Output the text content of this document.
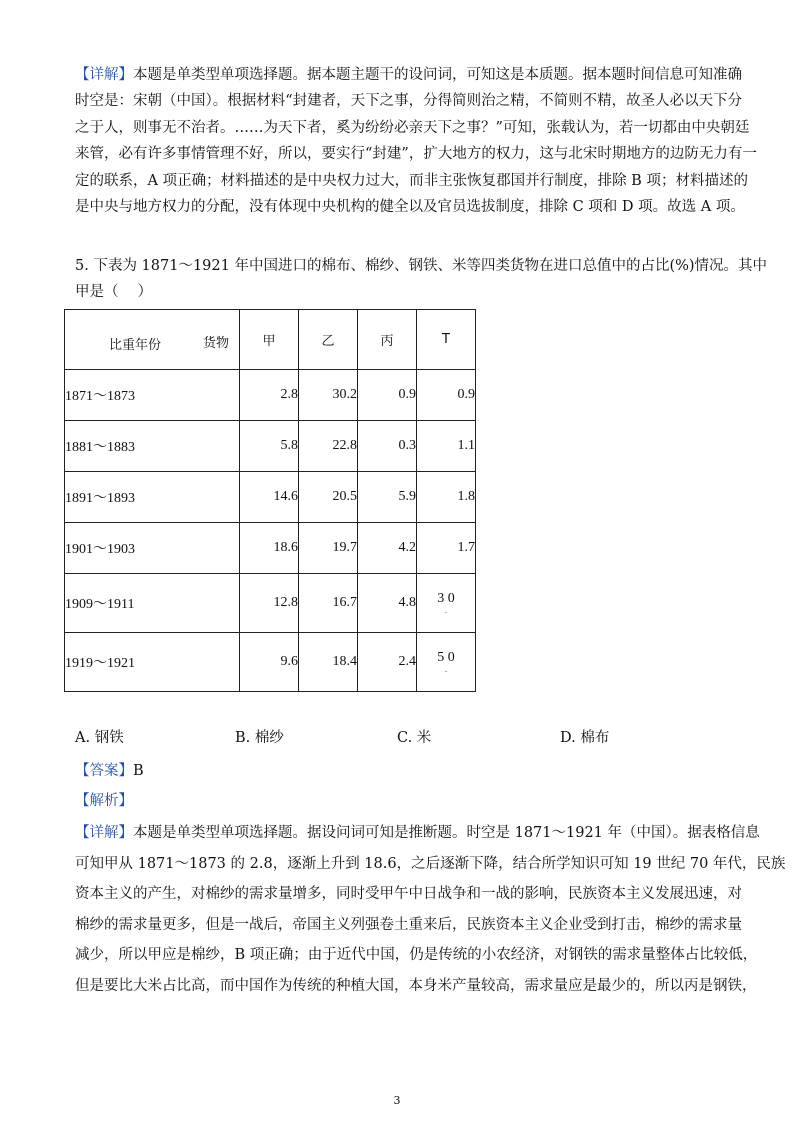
【详解】本题是单类型单项选择题。据本题主题干的设问词，可知这是本质题。据本题时间信息可知准确
时空是：宋朝（中国）。根据材料“封建者，天下之事，分得简则治之精，不简则不精，故圣人必以天下分
之于人，则事无不治者。……为天下者，奚为纷纷必亲天下之事？”可知，张载认为，若一切都由中央朝廷
来管，必有许多事情管理不好，所以，要实行“封建”，扩大地方的权力，这与北宋时期地方的边防无力有一
定的联系，A 项正确；材料描述的是中央权力过大，而非主张恢复郡国并行制度，排除 B 项；材料描述的
是中央与地方权力的分配，没有体现中央机构的健全以及官员选拔制度，排除 C 项和 D 项。故选 A 项。
5. 下表为 1871～1921 年中国进口的棉布、棉纱、钢铁、米等四类货物在进口总值中的占比(%)情况。其中
甲是（　 ）
比重年份 货物	甲	乙	丙	T
1871～1873	2.8	30.2	0.9	0.9
1881～1883	5.8	22.8	0.3	1.1
1891～1893	14.6	20.5	5.9	1.8
1901～1903	18.6	19.7	4.2	1.7
1909～1911	12.8	16.7	4.8	3 0
.

1919～1921	9.6	18.4	2.4	5 0
.
A. 钢铁	B. 棉纱	C. 米	D. 棉布
【答案】B
【解析】
【详解】本题是单类型单项选择题。据设问词可知是推断题。时空是 1871～1921 年（中国）。据表格信息
可知甲从 1871～1873 的 2.8，逐渐上升到 18.6，之后逐渐下降，结合所学知识可知 19 世纪 70 年代，民族
资本主义的产生，对棉纱的需求量增多，同时受甲午中日战争和一战的影响，民族资本主义发展迅速，对
棉纱的需求量更多，但是一战后，帝国主义列强卷土重来后，民族资本主义企业受到打击，棉纱的需求量
减少，所以甲应是棉纱，B 项正确；由于近代中国，仍是传统的小农经济，对钢铁的需求量整体占比较低，
但是要比大米占比高，而中国作为传统的种植大国，本身米产量较高，需求量应是最少的，所以丙是钢铁，
3
